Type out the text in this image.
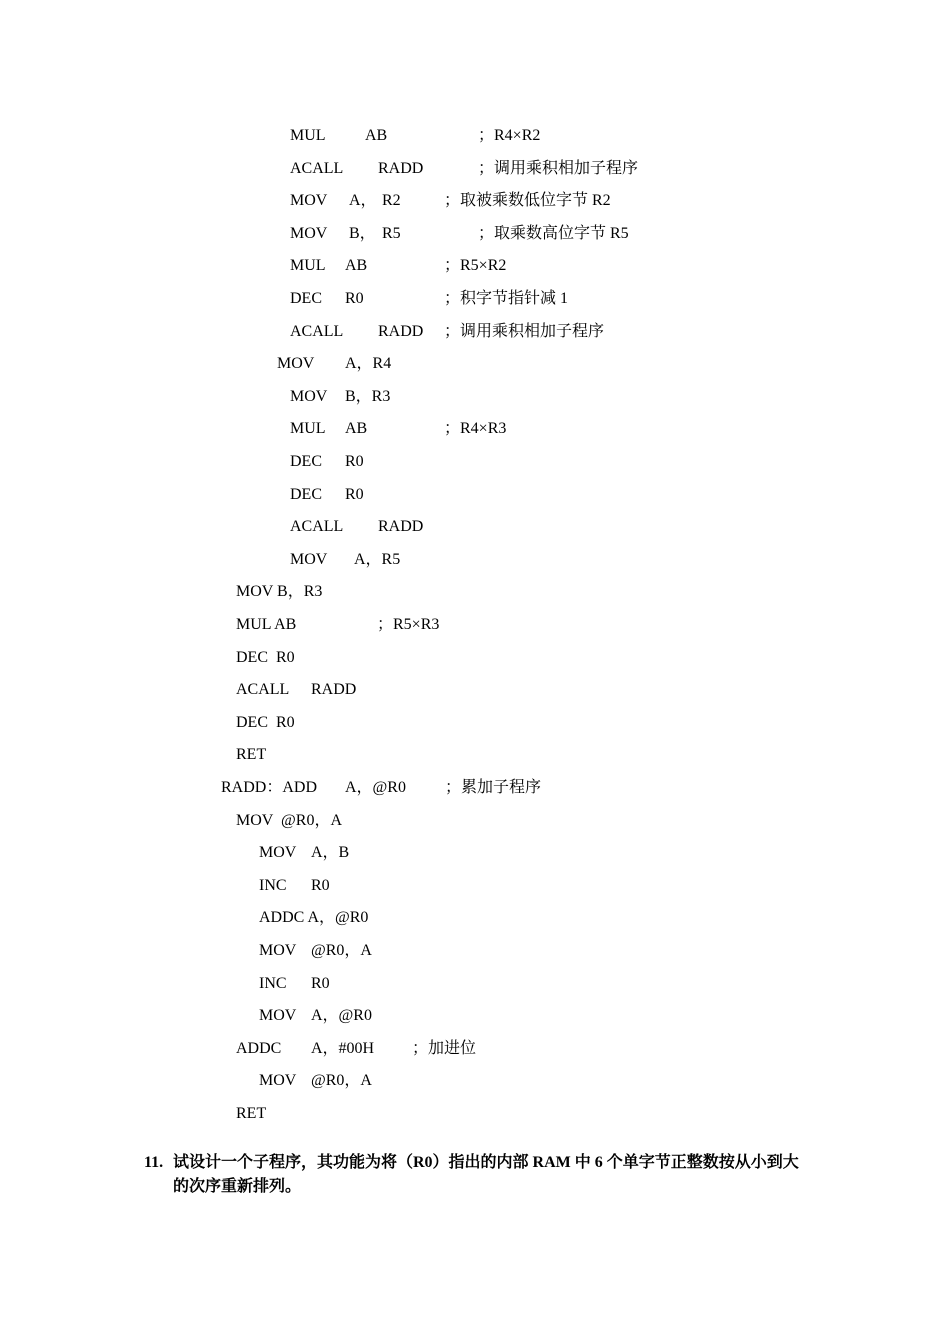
MUL AB	；R4×R2
ACALL RADD	；调用乘积相加子程序
MOV A， R2	；取被乘数低位字节 R2
MOV B， R5	；取乘数高位字节 R5
MUL AB	；R5×R2
DEC R0	；积字节指针减 1
ACALL RADD ；调用乘积相加子程序
MOV A，R4
MOV B，R3
MUL AB	；R4×R3
DEC R0
DEC R0
ACALL RADD
MOV A，R5
MOV B，R3
MUL AB	；R5×R3
DEC  R0
ACALL RADD
DEC  R0
RET
RADD：ADD A，@R0 ；累加子程序
MOV  @R0，A
MOV A，B
INC R0
ADDC A，@R0
MOV @R0，A
INC R0
MOV A，@R0
ADDC A，#00H ；加进位
MOV @R0，A
RET
11. 试设计一个子程序，其功能为将（R0）指出的内部 RAM 中 6 个单字节正整数按从小到大的次序重新排列。
